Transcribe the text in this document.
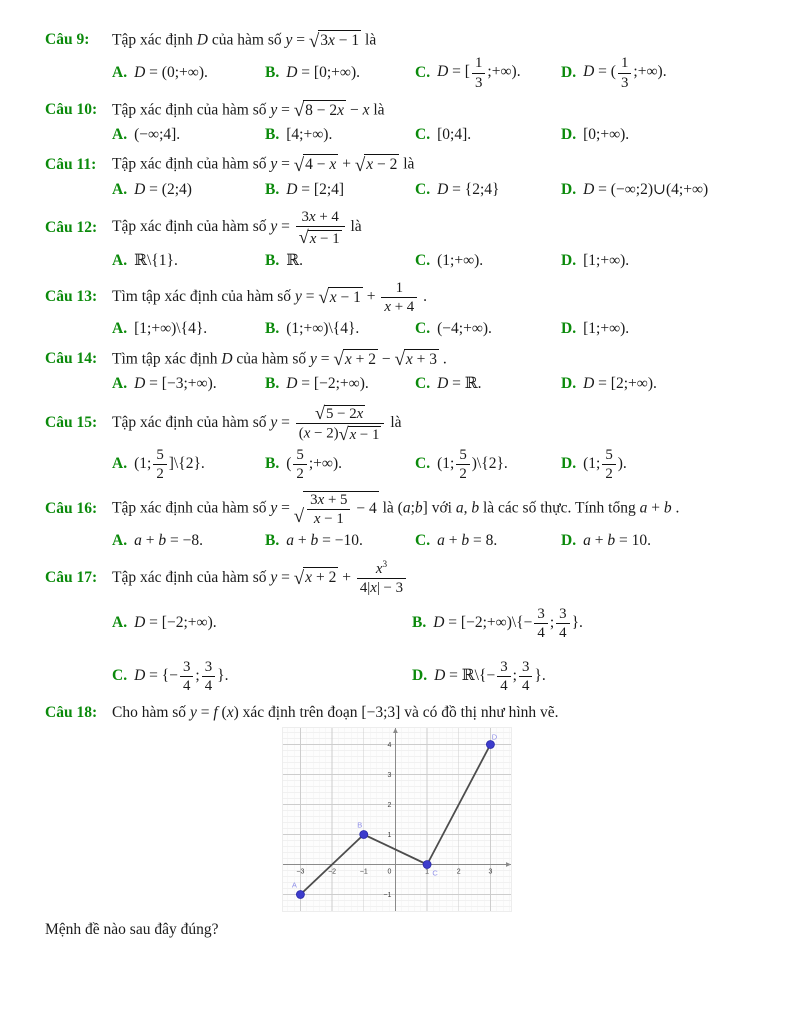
Câu 9:	Tập xác định D của hàm số y = √ 3x − 1 là
A. D = (0;+∞).	B. D = [0;+∞).	C. D = [ $\frac{1}{3}$ ;+∞).	D. D = ( $\frac{1}{3}$ ;+∞).
Câu 10: Tập xác định của hàm số y = √ 8 − 2x − x là
A. (−∞;4].	B. [4;+∞).	C. [0;4].	D. [0;+∞).
Câu 11:	Tập xác định của hàm số y = √ 4 − x + √ x − 2 là
A. D = (2;4)	B. D = [2;4]	C. D = {2;4}	D. D = (−∞;2)∪(4;+∞)
Câu 12: Tập xác định của hàm số $y = \frac{3x + 4}{√ x - 1}$ là
A. ℝ\{1}.	B. ℝ.	C. (1;+∞).	D. [1;+∞).
Câu 13: Tìm tập xác định của hàm số y = √ $x - 1 + \frac{1}{x + 4}$ .
A. [1;+∞)\{4}.	B. (1;+∞)\{4}.	C. (−4;+∞).	D. [1;+∞).
Câu 14: Tìm tập xác định D của hàm số y = √ x + 2 − √ x + 3 .
A. D = [−3;+∞).	B. D = [−2;+∞).	C. D = ℝ.	D. D = [2;+∞).
Câu 15: Tập xác định của hàm số $y = \frac{√ 5 - 2x}{(x - 2) √ x - 1}$ là
A. (1; $\frac{5}{2}$ ]\{2}.	B. ( $\frac{5}{2}$ ;+∞).	C. (1; $\frac{5}{2}$ )\{2}.	D. (1; $\frac{5}{2}$ ).
Câu 16: Tập xác định của hàm số y = √ $\frac{3x + 5}{x - 1} - 4$ là (a;b] với a, b là các số thực. Tính tổng a + b .
A. a + b = −8.	B. a + b = −10.	C. a + b = 8.	D. a + b = 10.
Câu 17: Tập xác định của hàm số y = √ $x + 2 + \frac{x^3}{4|x| - 3}$
A. D = [−2;+∞).	B. D = [−2;+∞)\{− $\frac{3}{4}$ ; $\frac{3}{4}$ }.
C. D = {− $\frac{3}{4}$ ; $\frac{3}{4}$ }.	D. D = ℝ\{− $\frac{3}{4}$ ; $\frac{3}{4}$ }.
Câu 18: Cho hàm số y = f (x) xác định trên đoạn [−3;3] và có đồ thị như hình vẽ.
−3	−2	−1	0	1	2	3
−1
1
2
3
4
A
B
C
D
Mệnh đề nào sau đây đúng?
